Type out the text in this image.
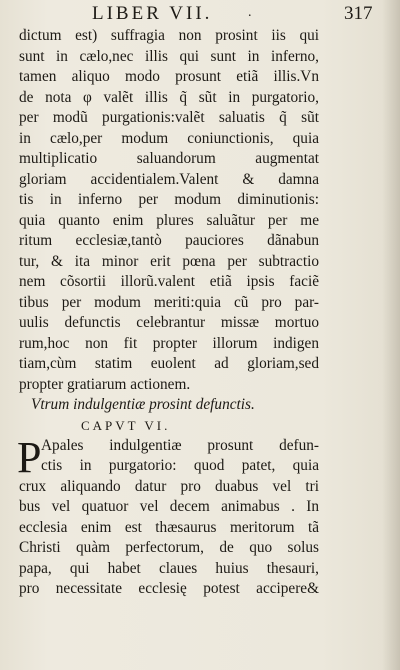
LIBER VII.	.	317
dictum est) suffragia non prosint iis qui
sunt in cælo,nec illis qui sunt in inferno,
tamen aliquo modo prosunt etiã illis.Vn
de nota φ valẽt illis q̃ sũt in purgatorio,
per modũ purgationis:valẽt saluatis q̃ sũt
in cælo,per modum coniunctionis, quia
multiplicatio saluandorum augmentat
gloriam accidentialem.Valent & damna
tis in inferno per modum diminutionis:
quia quanto enim plures saluãtur per me
ritum ecclesiæ,tantò pauciores dãnabun
tur, & ita minor erit pœna per subtractio
nem cõsortii illorũ.valent etiã ipsis faciẽ
tibus per modum meriti:quia cũ pro par-
uulis defunctis celebrantur missæ mortuo
rum,hoc non fit propter illorum indigen
tiam,cùm statim euolent ad gloriam,sed
propter gratiarum actionem.
Vtrum indulgentiæ prosint defunctis.
CAPVT VI.
P Apales indulgentiæ prosunt defun-
ctis in purgatorio: quod patet, quia
crux aliquando datur pro duabus vel tri
bus vel quatuor vel decem animabus . In
ecclesia enim est thæsaurus meritorum tã
Christi quàm perfectorum, de quo solus
papa, qui habet claues huius thesauri,
pro necessitate ecclesię potest accipere&
